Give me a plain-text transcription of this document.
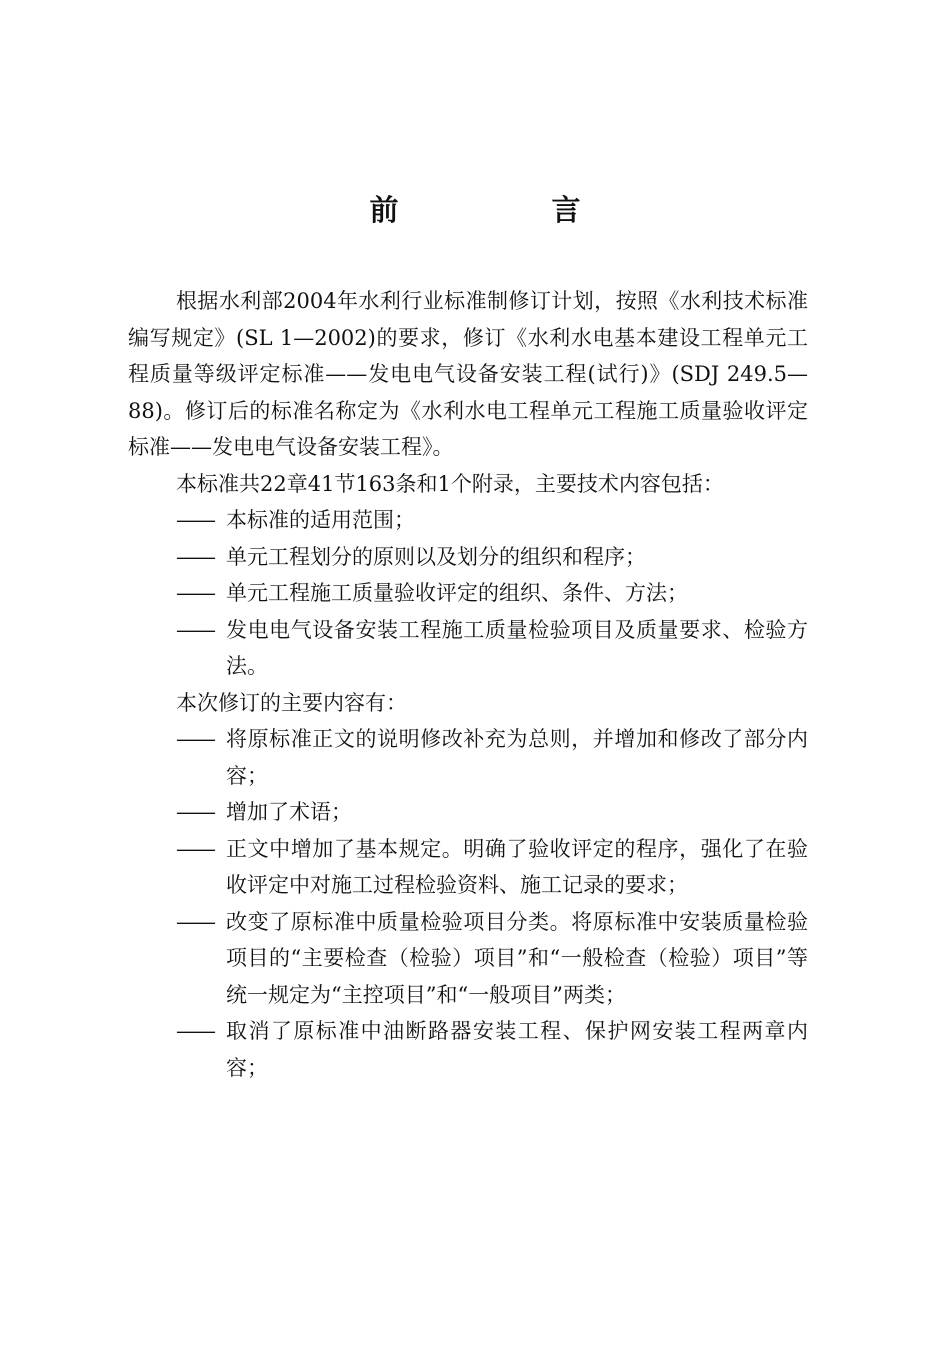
前　言

根据水利部2004年水利行业标准制修订计划，按照《水利技术标准编写规定》(SL 1—2002)的要求，修订《水利水电基本建设工程单元工程质量等级评定标准——发电电气设备安装工程(试行)》(SDJ 249.5—88)。修订后的标准名称定为《水利水电工程单元工程施工质量验收评定标准——发电电气设备安装工程》。

本标准共22章41节163条和1个附录，主要技术内容包括：

—— 本标准的适用范围；
—— 单元工程划分的原则以及划分的组织和程序；
—— 单元工程施工质量验收评定的组织、条件、方法；
—— 发电电气设备安装工程施工质量检验项目及质量要求、检验方法。

本次修订的主要内容有：

—— 将原标准正文的说明修改补充为总则，并增加和修改了部分内容；
—— 增加了术语；
—— 正文中增加了基本规定。明确了验收评定的程序，强化了在验收评定中对施工过程检验资料、施工记录的要求；
—— 改变了原标准中质量检验项目分类。将原标准中安装质量检验项目的“主要检查（检验）项目”和“一般检查（检验）项目”等统一规定为“主控项目”和“一般项目”两类；
—— 取消了原标准中油断路器安装工程、保护网安装工程两章内容；
